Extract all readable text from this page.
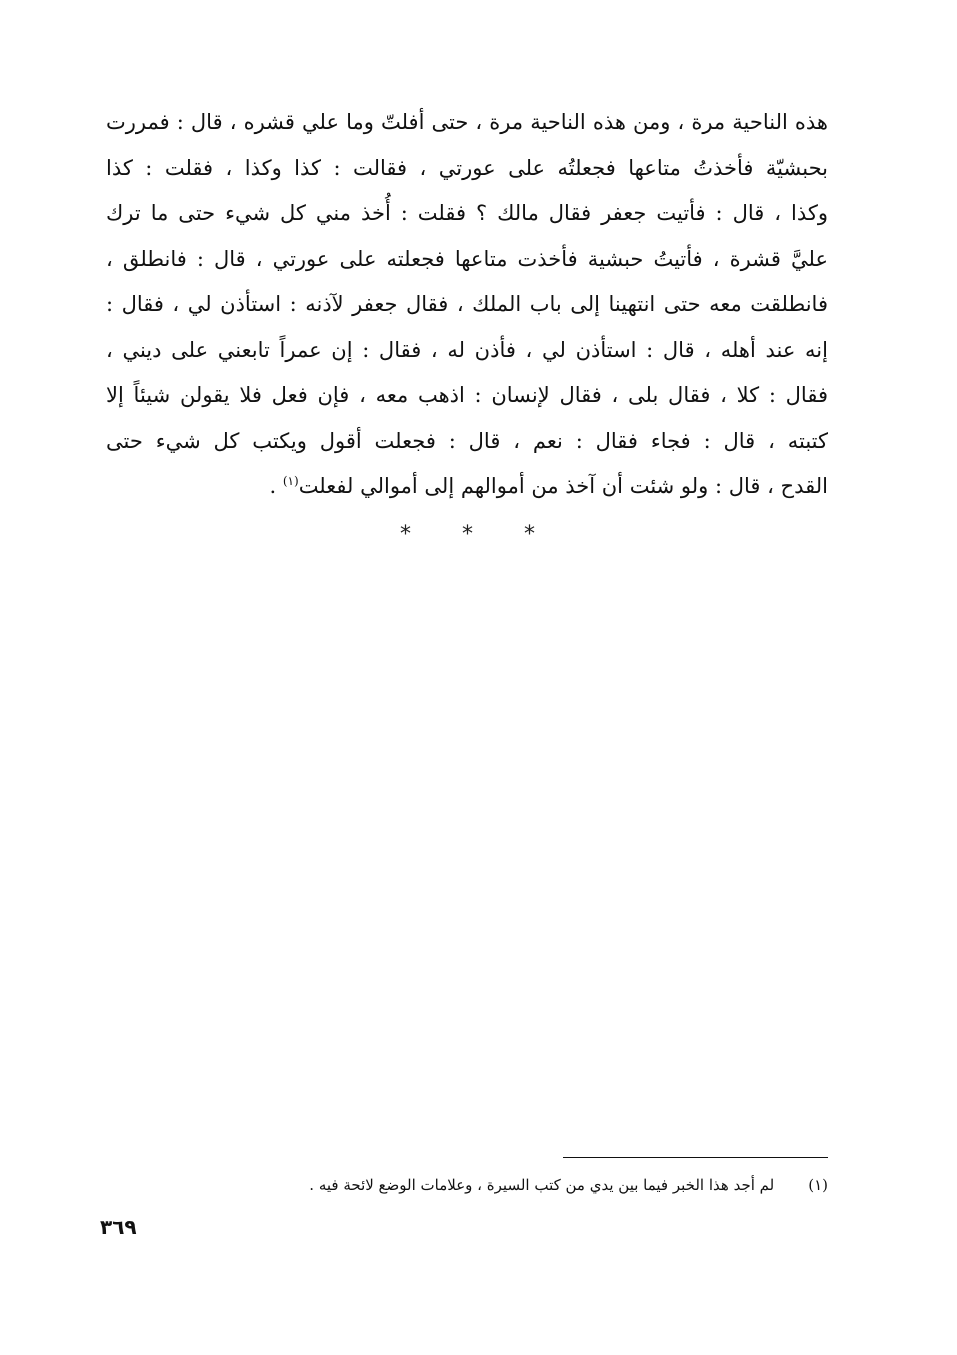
هذه الناحية مرة ، ومن هذه الناحية مرة ، حتى أفلتّ وما علي قشره ، قال : فمررت
بحبشيّة فأخذتُ متاعها فجعلتُه على عورتي ، فقالت : كذا وكذا ، فقلت : كذا
وكذا ، قال : فأتيت جعفر فقال مالك ؟ فقلت : أُخذ مني كل شيء حتى ما ترك
عليَّ قشرة ، فأتيتُ حبشية فأخذت متاعها فجعلته على عورتي ، قال : فانطلق ،
فانطلقت معه حتى انتهينا إلى باب الملك ، فقال جعفر لآذنه : استأذن لي ، فقال :
إنه عند أهله ، قال : استأذن لي ، فأذن له ، فقال : إن عمراً تابعني على ديني ،
فقال : كلا ، فقال بلى ، فقال لإنسان : اذهب معه ، فإن فعل فلا يقولن شيئاً إلا
كتبته ، قال : فجاء فقال : نعم ، قال : فجعلت أقول ويكتب كل شيء حتى
القدح ، قال : ولو شئت أن آخذ من أموالهم إلى أموالي لفعلت$^{(١)}$ .
* * *
(١)لم أجد هذا الخبر فيما بين يدي من كتب السيرة ، وعلامات الوضع لائحة فيه .
٣٦٩
